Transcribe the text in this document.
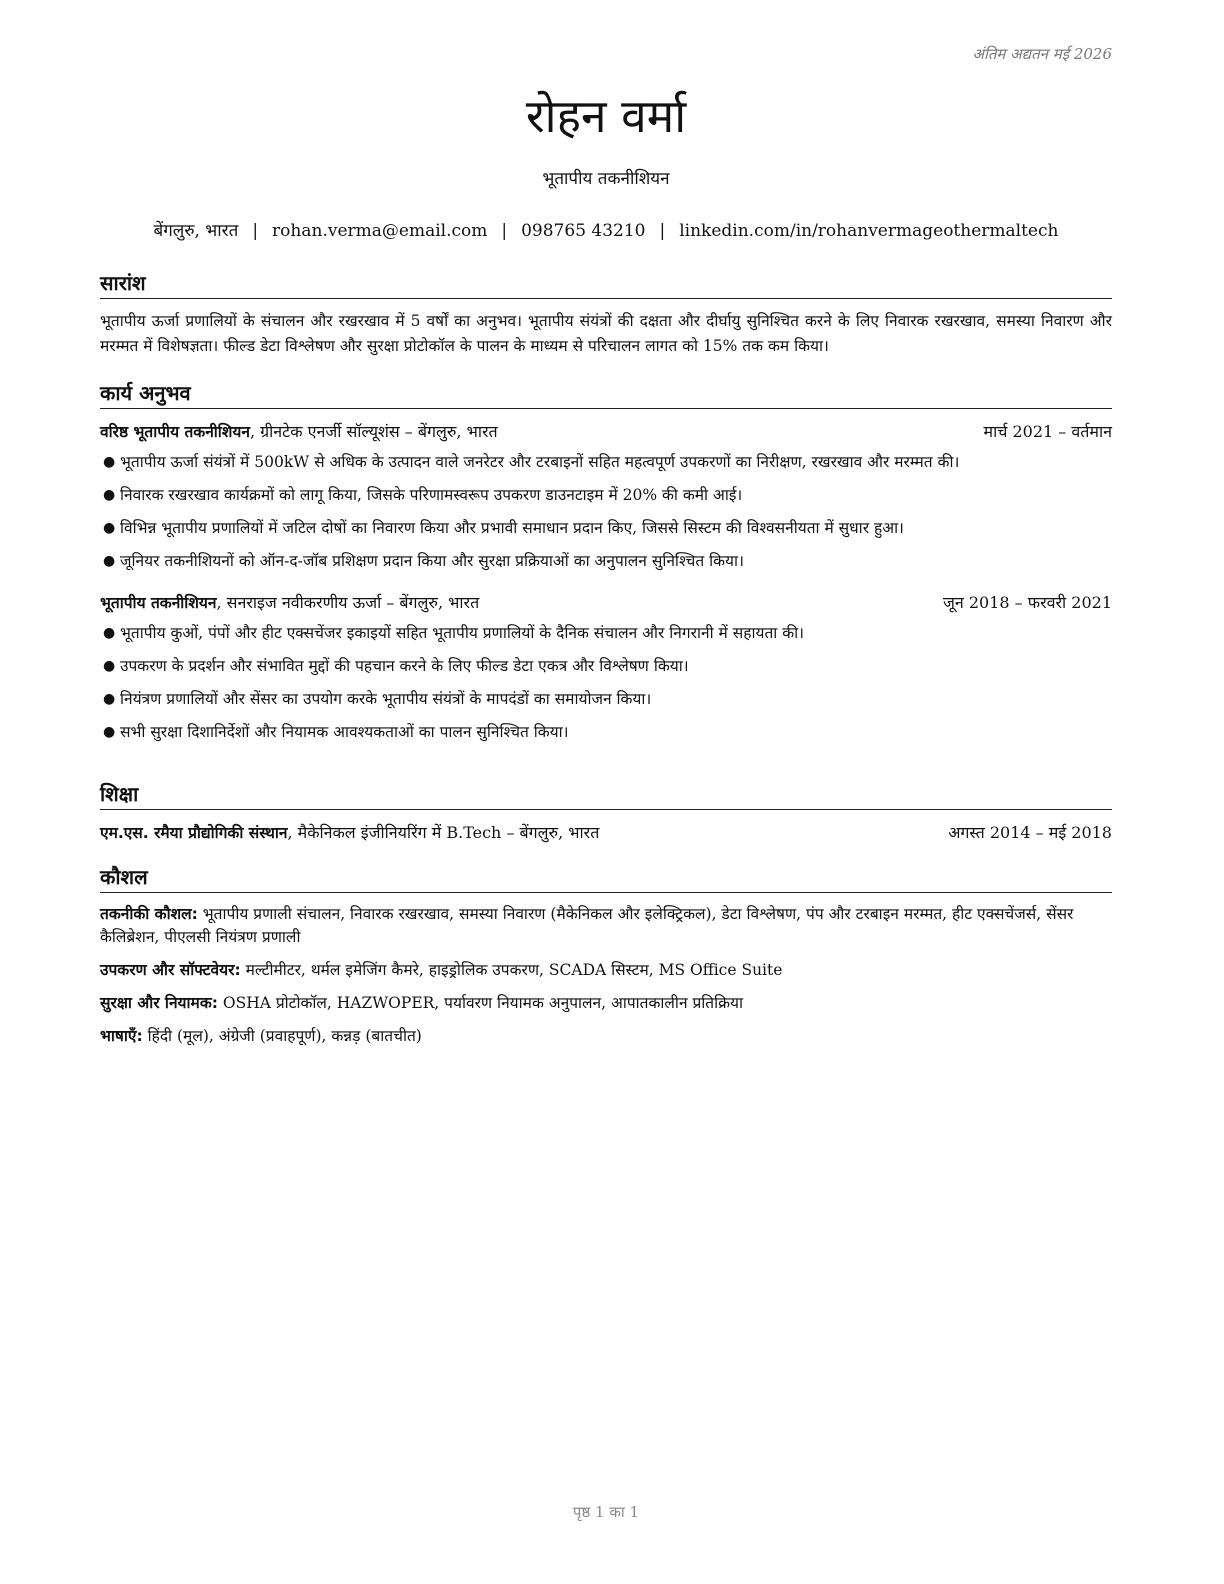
अंतिम अद्यतन मई 2026
रोहन वर्मा
भूतापीय तकनीशियन
बेंगलुरु, भारत | rohan.verma@email.com | 098765 43210 | linkedin.com/in/rohanvermageothermaltech
सारांश

भूतापीय ऊर्जा प्रणालियों के संचालन और रखरखाव में 5 वर्षों का अनुभव। भूतापीय संयंत्रों की दक्षता और दीर्घायु सुनिश्चित करने के लिए निवारक रखरखाव, समस्या निवारण और मरम्मत में विशेषज्ञता। फील्ड डेटा विश्लेषण और सुरक्षा प्रोटोकॉल के पालन के माध्यम से परिचालन लागत को 15% तक कम किया।

कार्य अनुभव
वरिष्ठ भूतापीय तकनीशियन, ग्रीनटेक एनर्जी सॉल्यूशंस – बेंगलुरु, भारत	मार्च 2021 – वर्तमान
● भूतापीय ऊर्जा संयंत्रों में 500kW से अधिक के उत्पादन वाले जनरेटर और टरबाइनों सहित महत्वपूर्ण उपकरणों का निरीक्षण, रखरखाव और मरम्मत की।
● निवारक रखरखाव कार्यक्रमों को लागू किया, जिसके परिणामस्वरूप उपकरण डाउनटाइम में 20% की कमी आई।
● विभिन्न भूतापीय प्रणालियों में जटिल दोषों का निवारण किया और प्रभावी समाधान प्रदान किए, जिससे सिस्टम की विश्वसनीयता में सुधार हुआ।
● जूनियर तकनीशियनों को ऑन-द-जॉब प्रशिक्षण प्रदान किया और सुरक्षा प्रक्रियाओं का अनुपालन सुनिश्चित किया।
भूतापीय तकनीशियन, सनराइज नवीकरणीय ऊर्जा – बेंगलुरु, भारत	जून 2018 – फरवरी 2021
● भूतापीय कुओं, पंपों और हीट एक्सचेंजर इकाइयों सहित भूतापीय प्रणालियों के दैनिक संचालन और निगरानी में सहायता की।
● उपकरण के प्रदर्शन और संभावित मुद्दों की पहचान करने के लिए फील्ड डेटा एकत्र और विश्लेषण किया।
● नियंत्रण प्रणालियों और सेंसर का उपयोग करके भूतापीय संयंत्रों के मापदंडों का समायोजन किया।
● सभी सुरक्षा दिशानिर्देशों और नियामक आवश्यकताओं का पालन सुनिश्चित किया।
शिक्षा
एम.एस. रमैया प्रौद्योगिकी संस्थान, मैकेनिकल इंजीनियरिंग में B.Tech – बेंगलुरु, भारत	अगस्त 2014 – मई 2018
कौशल

तकनीकी कौशल: भूतापीय प्रणाली संचालन, निवारक रखरखाव, समस्या निवारण (मैकेनिकल और इलेक्ट्रिकल), डेटा विश्लेषण, पंप और टरबाइन मरम्मत, हीट एक्सचेंजर्स, सेंसर कैलिब्रेशन, पीएलसी नियंत्रण प्रणाली

उपकरण और सॉफ्टवेयर: मल्टीमीटर, थर्मल इमेजिंग कैमरे, हाइड्रोलिक उपकरण, SCADA सिस्टम, MS Office Suite

सुरक्षा और नियामक: OSHA प्रोटोकॉल, HAZWOPER, पर्यावरण नियामक अनुपालन, आपातकालीन प्रतिक्रिया

भाषाएँ: हिंदी (मूल), अंग्रेजी (प्रवाहपूर्ण), कन्नड़ (बातचीत)

पृष्ठ 1 का 1
